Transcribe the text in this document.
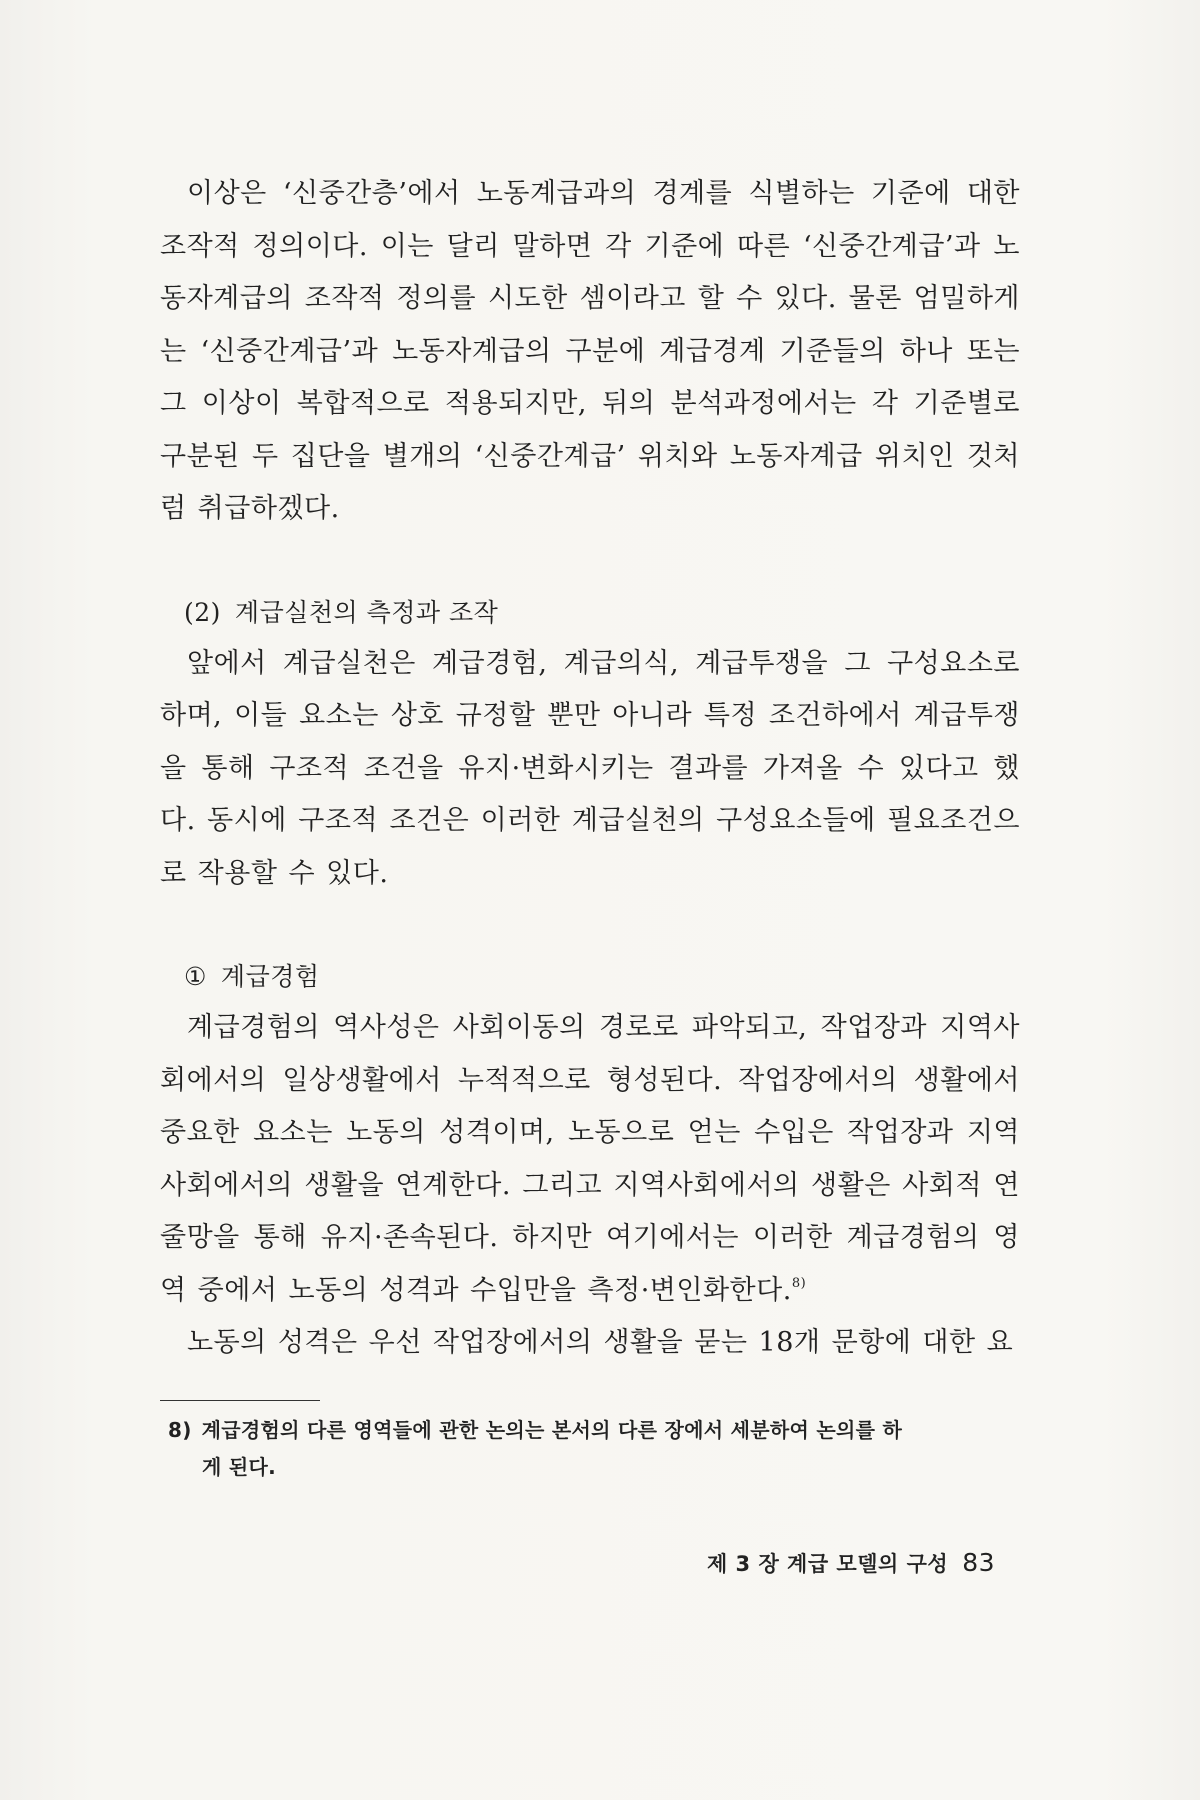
이상은 ‘신중간층’에서 노동계급과의 경계를 식별하는 기준에 대한 조작적 정의이다. 이는 달리 말하면 각 기준에 따른 ‘신중간계급’과 노동자계급의 조작적 정의를 시도한 셈이라고 할 수 있다. 물론 엄밀하게는 ‘신중간계급’과 노동자계급의 구분에 계급경계 기준들의 하나 또는 그 이상이 복합적으로 적용되지만, 뒤의 분석과정에서는 각 기준별로 구분된 두 집단을 별개의 ‘신중간계급’ 위치와 노동자계급 위치인 것처럼 취급하겠다.

(2) 계급실천의 측정과 조작

앞에서 계급실천은 계급경험, 계급의식, 계급투쟁을 그 구성요소로 하며, 이들 요소는 상호 규정할 뿐만 아니라 특정 조건하에서 계급투쟁을 통해 구조적 조건을 유지·변화시키는 결과를 가져올 수 있다고 했다. 동시에 구조적 조건은 이러한 계급실천의 구성요소들에 필요조건으로 작용할 수 있다.

① 계급경험

계급경험의 역사성은 사회이동의 경로로 파악되고, 작업장과 지역사회에서의 일상생활에서 누적적으로 형성된다. 작업장에서의 생활에서 중요한 요소는 노동의 성격이며, 노동으로 얻는 수입은 작업장과 지역사회에서의 생활을 연계한다. 그리고 지역사회에서의 생활은 사회적 연줄망을 통해 유지·존속된다. 하지만 여기에서는 이러한 계급경험의 영역 중에서 노동의 성격과 수입만을 측정·변인화한다.$^{8)}$

노동의 성격은 우선 작업장에서의 생활을 묻는 18개 문항에 대한 요

8) 계급경험의 다른 영역들에 관한 논의는 본서의 다른 장에서 세분하여 논의를 하
게 된다.
제 3 장 계급 모델의 구성 83
